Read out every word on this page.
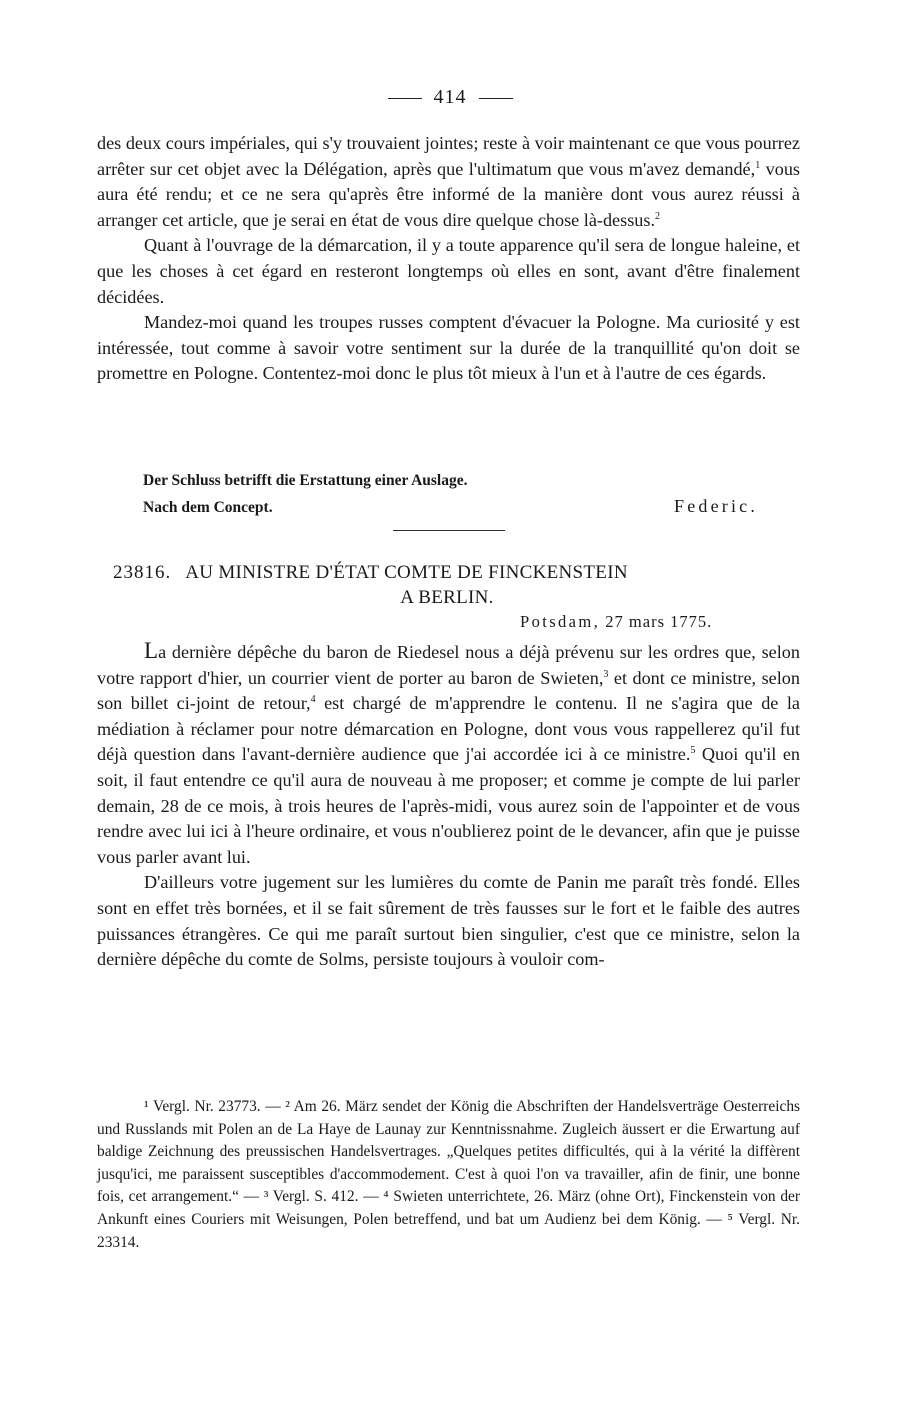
414

des deux cours impériales, qui s'y trouvaient jointes; reste à voir maintenant ce que vous pourrez arrêter sur cet objet avec la Délégation, après que l'ultimatum que vous m'avez demandé,$^1$ vous aura été rendu; et ce ne sera qu'après être informé de la manière dont vous aurez réussi à arranger cet article, que je serai en état de vous dire quelque chose là-dessus.$^2$

Quant à l'ouvrage de la démarcation, il y a toute apparence qu'il sera de longue haleine, et que les choses à cet égard en resteront longtemps où elles en sont, avant d'être finalement décidées.

Mandez-moi quand les troupes russes comptent d'évacuer la Pologne. Ma curiosité y est intéressée, tout comme à savoir votre sentiment sur la durée de la tranquillité qu'on doit se promettre en Pologne. Contentez-moi donc le plus tôt mieux à l'un et à l'autre de ces égards.

Der Schluss betrifft die Erstattung einer Auslage.
Nach dem Concept.	Federic.
23816. AU MINISTRE D'ÉTAT COMTE DE FINCKENSTEIN
A BERLIN.
Potsdam, 27 mars 1775.

La dernière dépêche du baron de Riedesel nous a déjà prévenu sur les ordres que, selon votre rapport d'hier, un courrier vient de porter au baron de Swieten,$^3$ et dont ce ministre, selon son billet ci-joint de retour,$^4$ est chargé de m'apprendre le contenu. Il ne s'agira que de la médiation à réclamer pour notre démarcation en Pologne, dont vous vous rappellerez qu'il fut déjà question dans l'avant-dernière audience que j'ai accordée ici à ce ministre.$^5$ Quoi qu'il en soit, il faut entendre ce qu'il aura de nouveau à me proposer; et comme je compte de lui parler demain, 28 de ce mois, à trois heures de l'après-midi, vous aurez soin de l'appointer et de vous rendre avec lui ici à l'heure ordinaire, et vous n'oublierez point de le devancer, afin que je puisse vous parler avant lui.

D'ailleurs votre jugement sur les lumières du comte de Panin me paraît très fondé. Elles sont en effet très bornées, et il se fait sûrement de très fausses sur le fort et le faible des autres puissances étrangères. Ce qui me paraît surtout bien singulier, c'est que ce ministre, selon la dernière dépêche du comte de Solms, persiste toujours à vouloir com-

¹ Vergl. Nr. 23773. — ² Am 26. März sendet der König die Abschriften der Handelsverträge Oesterreichs und Russlands mit Polen an de La Haye de Launay zur Kenntnissnahme. Zugleich äussert er die Erwartung auf baldige Zeichnung des preussischen Handelsvertrages. „Quelques petites difficultés, qui à la vérité la diffèrent jusqu'ici, me paraissent susceptibles d'accommodement. C'est à quoi l'on va travailler, afin de finir, une bonne fois, cet arrangement.“ — ³ Vergl. S. 412. — ⁴ Swieten unterrichtete, 26. März (ohne Ort), Finckenstein von der Ankunft eines Couriers mit Weisungen, Polen betreffend, und bat um Audienz bei dem König. — ⁵ Vergl. Nr. 23314.
